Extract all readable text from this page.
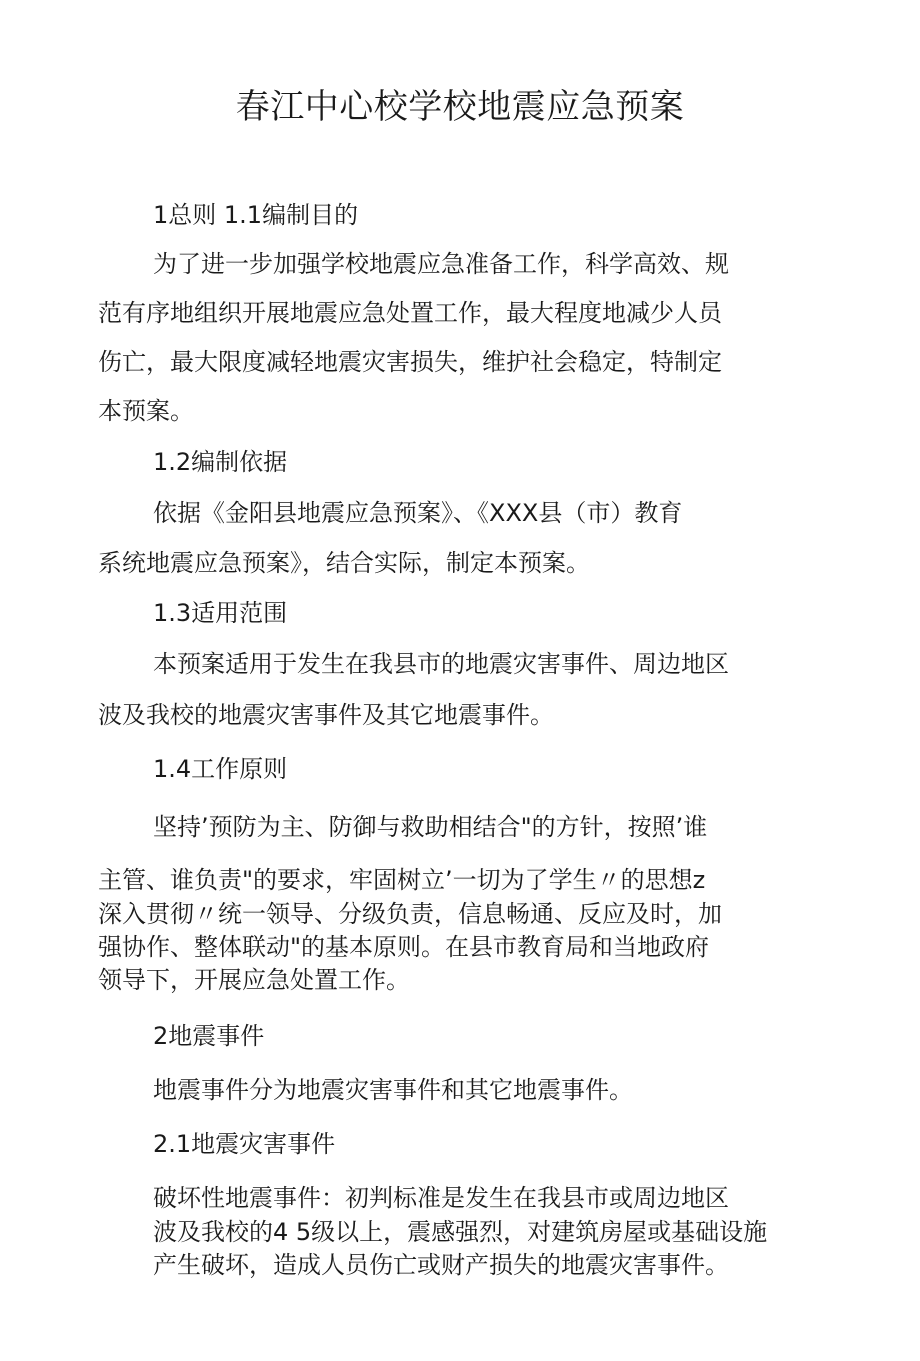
春江中心校学校地震应急预案
1总则 1.1编制目的
为了进一步加强学校地震应急准备工作，科学高效、规
范有序地组织开展地震应急处置工作，最大程度地减少人员
伤亡，最大限度减轻地震灾害损失，维护社会稳定，特制定
本预案。
1.2编制依据
依据《金阳县地震应急预案》、《XXX县（市）教育
系统地震应急预案》，结合实际，制定本预案。
1.3适用范围
本预案适用于发生在我县市的地震灾害事件、周边地区
波及我校的地震灾害事件及其它地震事件。
1.4工作原则
坚持’预防为主、防御与救助相结合"的方针，按照’谁
主管、谁负责"的要求，牢固树立’一切为了学生〃的思想z
深入贯彻〃统一领导、分级负责，信息畅通、反应及时，加
强协作、整体联动"的基本原则。在县市教育局和当地政府
领导下，开展应急处置工作。
2地震事件
地震事件分为地震灾害事件和其它地震事件。
2.1地震灾害事件
破坏性地震事件：初判标准是发生在我县市或周边地区
波及我校的4 5级以上，震感强烈，对建筑房屋或基础设施
产生破坏，造成人员伤亡或财产损失的地震灾害事件。
